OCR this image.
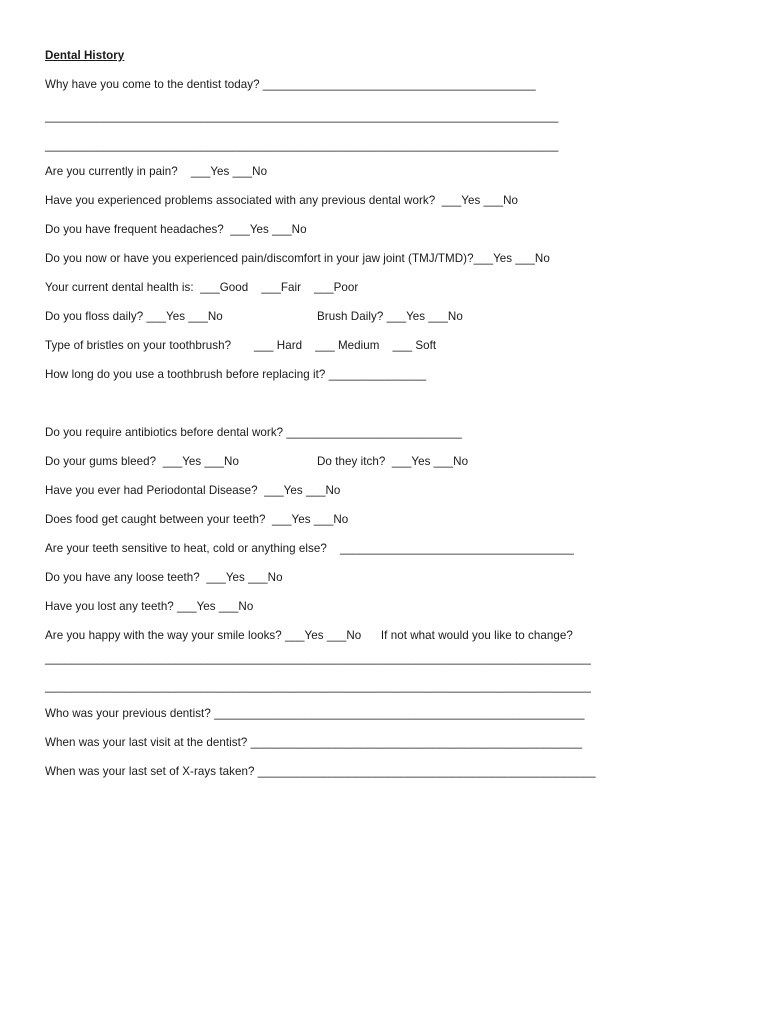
Dental History
Why have you come to the dentist today? __________________________________________
_______________________________________________________________________________
_______________________________________________________________________________
Are you currently in pain?    ___Yes ___No
Have you experienced problems associated with any previous dental work?  ___Yes ___No
Do you have frequent headaches?  ___Yes ___No
Do you now or have you experienced pain/discomfort in your jaw joint (TMJ/TMD)?___Yes ___No
Your current dental health is:  ___Good    ___Fair    ___Poor
Do you floss daily? ___Yes ___No	Brush Daily? ___Yes ___No
Type of bristles on your toothbrush?       ___ Hard    ___ Medium    ___ Soft
How long do you use a toothbrush before replacing it? _______________
Do you require antibiotics before dental work? ___________________________
Do your gums bleed?  ___Yes ___No	Do they itch?  ___Yes ___No
Have you ever had Periodontal Disease?  ___Yes ___No
Does food get caught between your teeth?  ___Yes ___No
Are your teeth sensitive to heat, cold or anything else?    ____________________________________
Do you have any loose teeth?  ___Yes ___No
Have you lost any teeth? ___Yes ___No
Are you happy with the way your smile looks? ___Yes ___No      If not what would you like to change?
____________________________________________________________________________________
____________________________________________________________________________________
Who was your previous dentist? _________________________________________________________
When was your last visit at the dentist? ___________________________________________________
When was your last set of X-rays taken? ____________________________________________________
